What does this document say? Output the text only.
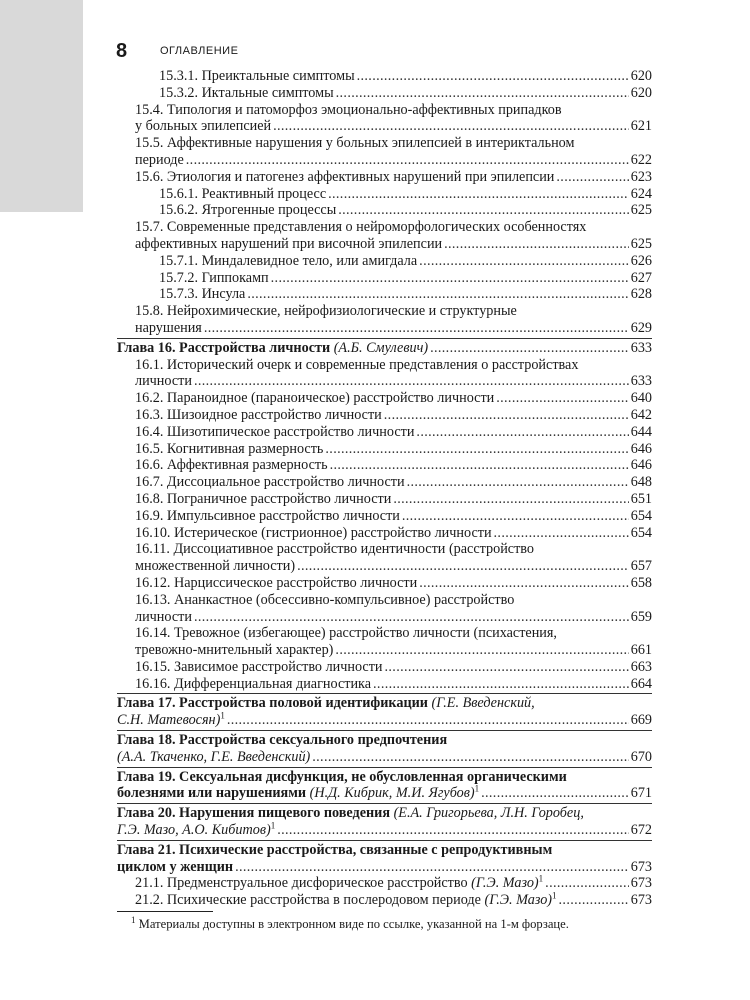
8	ОГЛАВЛЕНИЕ
15.3.1. Преиктальные симптомы . . .	620
15.3.2. Иктальные симптомы . . .	620
15.4. Типология и патоморфоз эмоционально-аффективных припадков
у больных эпилепсией . . .	621
15.5. Аффективные нарушения у больных эпилепсией в интериктальном
периоде . . .	622
15.6. Этиология и патогенез аффективных нарушений при эпилепсии . . .	623
15.6.1. Реактивный процесс . . .	624
15.6.2. Ятрогенные процессы . . .	625
15.7. Современные представления о нейроморфологических особенностях
аффективных нарушений при височной эпилепсии . . .	625
15.7.1. Миндалевидное тело, или амигдала . . .	626
15.7.2. Гиппокамп . . .	627
15.7.3. Инсула . . .	628
15.8. Нейрохимические, нейрофизиологические и структурные
нарушения . . .	629
Глава 16. Расстройства личности (А.Б. Смулевич) . . .	633
16.1. Исторический очерк и современные представления о расстройствах
личности . . .	633
16.2. Параноидное (параноическое) расстройство личности . . .	640
16.3. Шизоидное расстройство личности . . .	642
16.4. Шизотипическое расстройство личности . . .	644
16.5. Когнитивная размерность . . .	646
16.6. Аффективная размерность . . .	646
16.7. Диссоциальное расстройство личности . . .	648
16.8. Пограничное расстройство личности . . .	651
16.9. Импульсивное расстройство личности . . .	654
16.10. Истерическое (гистрионное) расстройство личности . . .	654
16.11. Диссоциативное расстройство идентичности (расстройство
множественной личности) . . .	657
16.12. Нарциссическое расстройство личности . . .	658
16.13. Ананкастное (обсессивно-компульсивное) расстройство
личности . . .	659
16.14. Тревожное (избегающее) расстройство личности (психастения,
тревожно-мнительный характер) . . .	661
16.15. Зависимое расстройство личности . . .	663
16.16. Дифференциальная диагностика . . .	664
Глава 17. Расстройства половой идентификации (Г.Е. Введенский,
С.Н. Матевосян)$^1$ . . .	669
Глава 18. Расстройства сексуального предпочтения
(А.А. Ткаченко, Г.Е. Введенский) . . .	670
Глава 19. Сексуальная дисфункция, не обусловленная органическими
болезнями или нарушениями (Н.Д. Кибрик, М.И. Ягубов)$^1$ . . .	671
Глава 20. Нарушения пищевого поведения (Е.А. Григорьева, Л.Н. Горобец,
Г.Э. Мазо, А.О. Кибитов)$^1$ . . .	672
Глава 21. Психические расстройства, связанные с репродуктивным
циклом у женщин . . .	673
21.1. Предменструальное дисфорическое расстройство (Г.Э. Мазо)$^1$ . . .	673
21.2. Психические расстройства в послеродовом периоде (Г.Э. Мазо)$^1$ . . .	673
$^1$ Материалы доступны в электронном виде по ссылке, указанной на 1-м форзаце.
